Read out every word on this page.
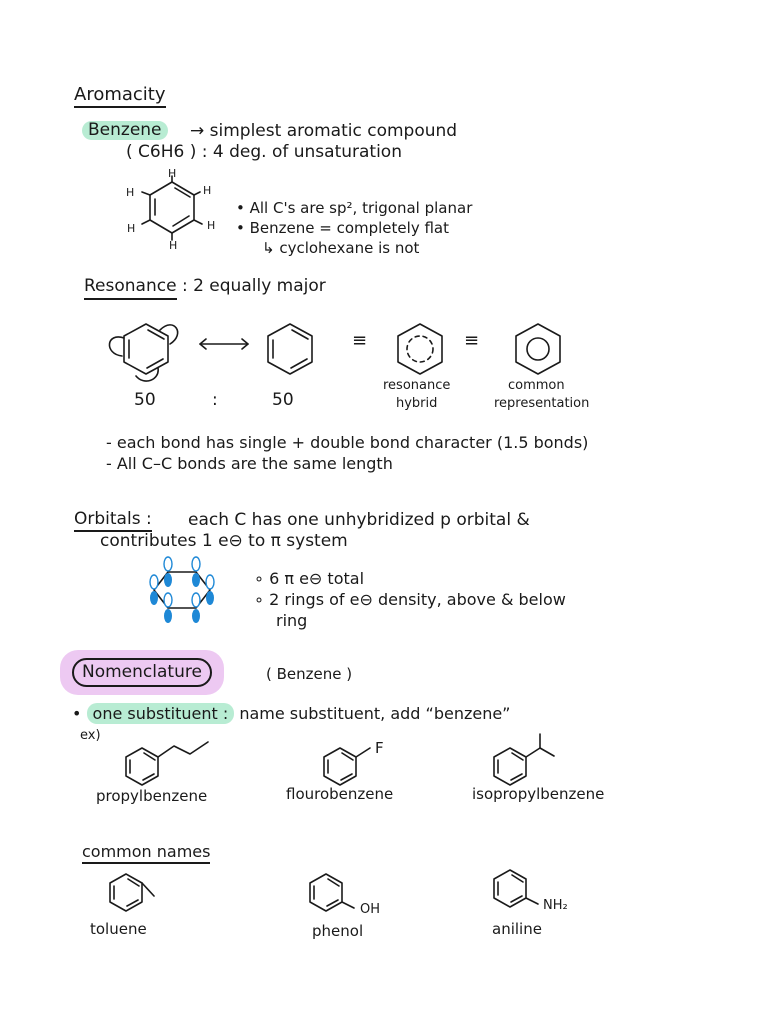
Aromacity
Benzene	→ simplest aromatic compound
( C6H6 ) : 4 deg. of unsaturation
H
H
H
H
H
H
• All C's are sp², trigonal planar
• Benzene = completely flat
↳ cyclohexane is not
Resonance : 2 equally major
≡	≡
50	:	50
resonance
hybrid
common
representation
- each bond has single + double bond character (1.5 bonds)
- All C–C bonds are the same length
Orbitals : each C has one unhybridized p orbital &
contributes 1 e⊖ to π system
∘ 6 π e⊖ total
∘ 2 rings of e⊖ density, above & below
ring
Nomenclature	( Benzene )
• one substituent : name substituent, add “benzene”
ex)
F
propylbenzene	flourobenzene	isopropylbenzene
common names
OH	NH₂
toluene	phenol	aniline
